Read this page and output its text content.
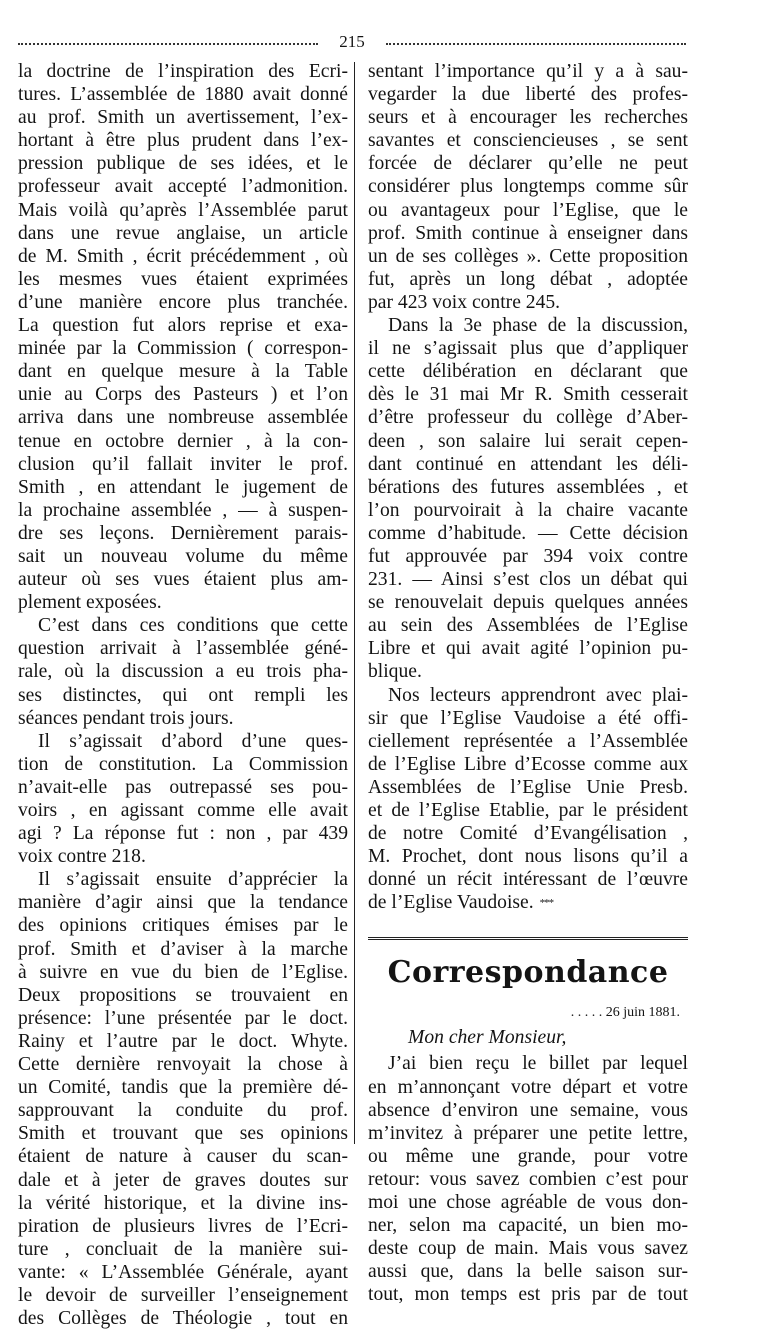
215

la doctrine de l’inspiration des Ecri-

tures. L’assemblée de 1880 avait donné

au prof. Smith un avertissement, l’ex-

hortant à être plus prudent dans l’ex-

pression publique de ses idées, et le

professeur avait accepté l’admonition.

Mais voilà qu’après l’Assemblée parut

dans une revue anglaise, un article

de M. Smith , écrit précédemment , où

les mesmes vues étaient exprimées

d’une manière encore plus tranchée.

La question fut alors reprise et exa-

minée par la Commission ( correspon-

dant en quelque mesure à la Table

unie au Corps des Pasteurs ) et l’on

arriva dans une nombreuse assemblée

tenue en octobre dernier , à la con-

clusion qu’il fallait inviter le prof.

Smith , en attendant le jugement de

la prochaine assemblée , — à suspen-

dre ses leçons. Dernièrement parais-

sait un nouveau volume du même

auteur où ses vues étaient plus am-

plement exposées.

C’est dans ces conditions que cette

question arrivait à l’assemblée géné-

rale, où la discussion a eu trois pha-

ses distinctes, qui ont rempli les

séances pendant trois jours.

Il s’agissait d’abord d’une ques-

tion de constitution. La Commission

n’avait-elle pas outrepassé ses pou-

voirs , en agissant comme elle avait

agi ? La réponse fut : non , par 439

voix contre 218.

Il s’agissait ensuite d’apprécier la

manière d’agir ainsi que la tendance

des opinions critiques émises par le

prof. Smith et d’aviser à la marche

à suivre en vue du bien de l’Eglise.

Deux propositions se trouvaient en

présence: l’une présentée par le doct.

Rainy et l’autre par le doct. Whyte.

Cette dernière renvoyait la chose à

un Comité, tandis que la première dé-

sapprouvant la conduite du prof.

Smith et trouvant que ses opinions

étaient de nature à causer du scan-

dale et à jeter de graves doutes sur

la vérité historique, et la divine ins-

piration de plusieurs livres de l’Ecri-

ture , concluait de la manière sui-

vante: « L’Assemblée Générale, ayant

le devoir de surveiller l’enseignement

des Collèges de Théologie , tout en

sentant l’importance qu’il y a à sau-

vegarder la due liberté des profes-

seurs et à encourager les recherches

savantes et consciencieuses , se sent

forcée de déclarer qu’elle ne peut

considérer plus longtemps comme sûr

ou avantageux pour l’Eglise, que le

prof. Smith continue à enseigner dans

un de ses collèges ». Cette proposition

fut, après un long débat , adoptée

par 423 voix contre 245.

Dans la 3e phase de la discussion,

il ne s’agissait plus que d’appliquer

cette délibération en déclarant que

dès le 31 mai Mr R. Smith cesserait

d’être professeur du collège d’Aber-

deen , son salaire lui serait cepen-

dant continué en attendant les déli-

bérations des futures assemblées , et

l’on pourvoirait à la chaire vacante

comme d’habitude. — Cette décision

fut approuvée par 394 voix contre

231. — Ainsi s’est clos un débat qui

se renouvelait depuis quelques années

au sein des Assemblées de l’Eglise

Libre et qui avait agité l’opinion pu-

blique.

Nos lecteurs apprendront avec plai-

sir que l’Eglise Vaudoise a été offi-

ciellement représentée a l’Assemblée

de l’Eglise Libre d’Ecosse comme aux

Assemblées de l’Eglise Unie Presb.

et de l’Eglise Etablie, par le président

de notre Comité d’Evangélisation ,

M. Prochet, dont nous lisons qu’il a

donné un récit intéressant de l’œuvre

de l’Eglise Vaudoise. ***

Correspondance
. . . . . 26 juin 1881.
Mon cher Monsieur,

J’ai bien reçu le billet par lequel

en m’annonçant votre départ et votre

absence d’environ une semaine, vous

m’invitez à préparer une petite lettre,

ou même une grande, pour votre

retour: vous savez combien c’est pour

moi une chose agréable de vous don-

ner, selon ma capacité, un bien mo-

deste coup de main. Mais vous savez

aussi que, dans la belle saison sur-

tout, mon temps est pris par de tout
